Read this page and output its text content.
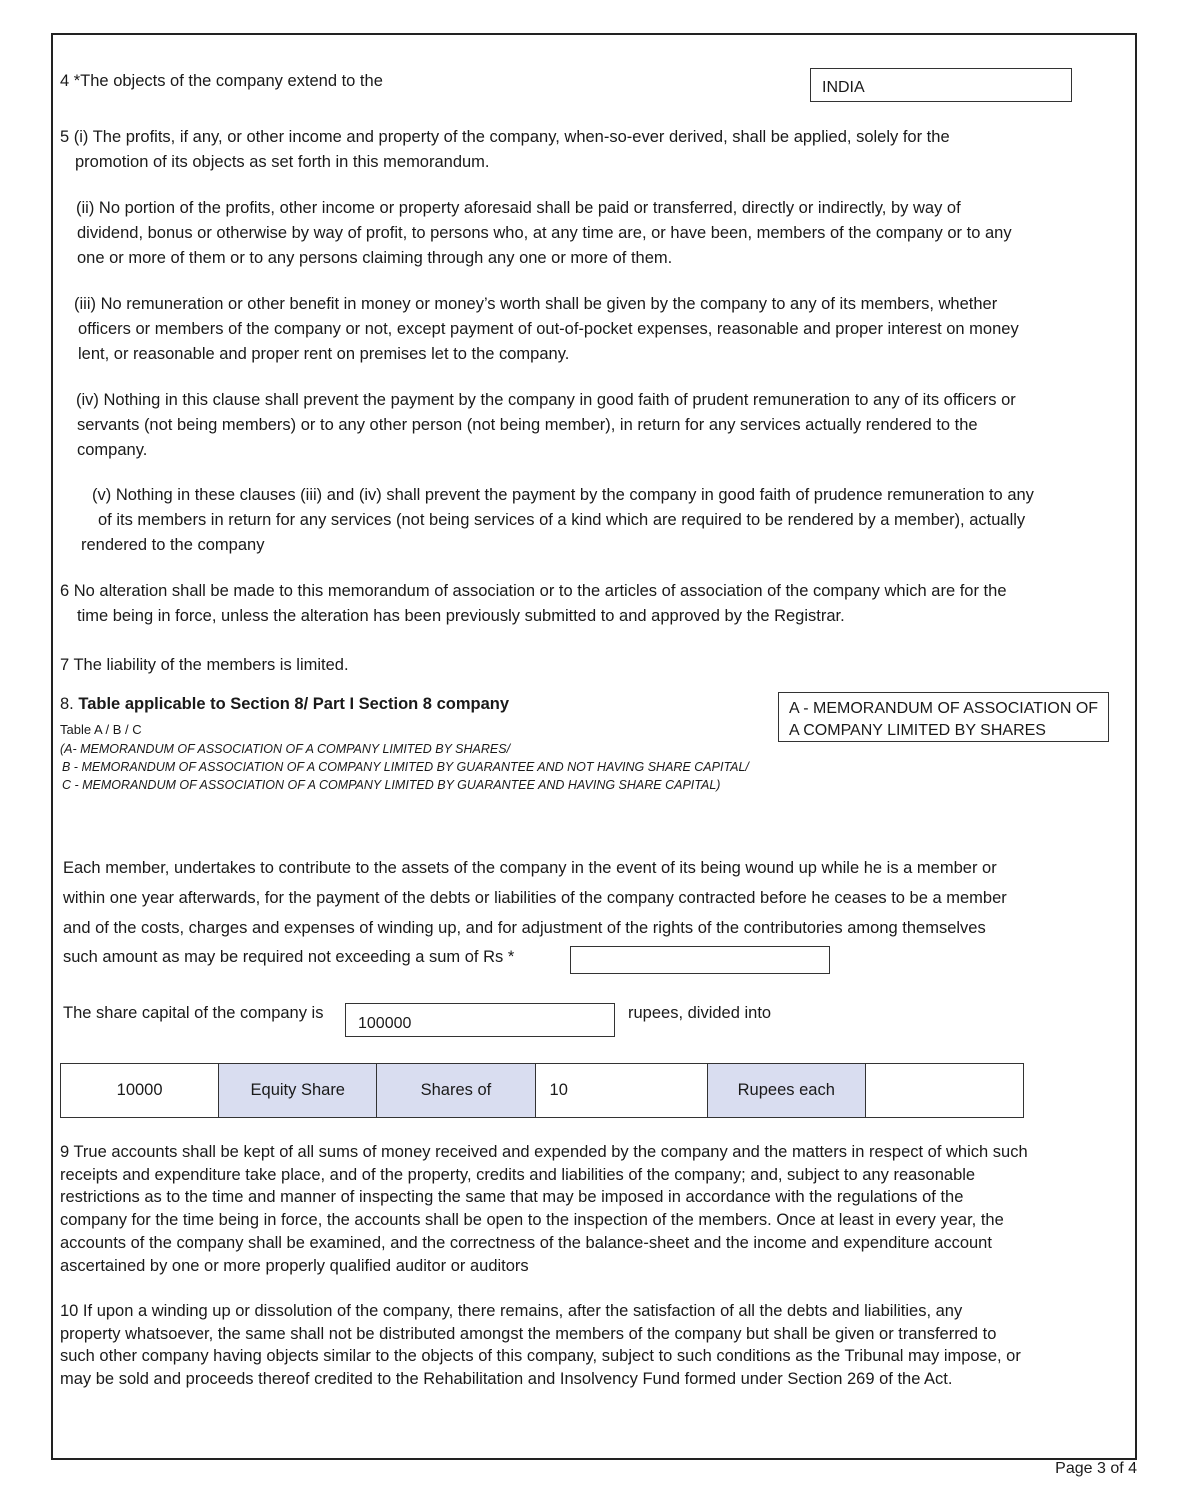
4 *The objects of the company extend to the	INDIA
5 (i) The profits, if any, or other income and property of the company, when-so-ever derived, shall be applied, solely for the
promotion of its objects as set forth in this memorandum.
(ii) No portion of the profits, other income or property aforesaid shall be paid or transferred, directly or indirectly, by way of
dividend, bonus or otherwise by way of profit, to persons who, at any time are, or have been, members of the company or to any
one or more of them or to any persons claiming through any one or more of them.
(iii) No remuneration or other benefit in money or money’s worth shall be given by the company to any of its members, whether
officers or members of the company or not, except payment of out-of-pocket expenses, reasonable and proper interest on money
lent, or reasonable and proper rent on premises let to the company.
(iv) Nothing in this clause shall prevent the payment by the company in good faith of prudent remuneration to any of its officers or
servants (not being members) or to any other person (not being member), in return for any services actually rendered to the
company.
(v) Nothing in these clauses (iii) and (iv) shall prevent the payment by the company in good faith of prudence remuneration to any
of its members in return for any services (not being services of a kind which are required to be rendered by a member), actually
rendered to the company
6 No alteration shall be made to this memorandum of association or to the articles of association of the company which are for the
time being in force, unless the alteration has been previously submitted to and approved by the Registrar.
7 The liability of the members is limited.
8. Table applicable to Section 8/ Part I Section 8 company
Table A / B / C
(A- MEMORANDUM OF ASSOCIATION OF A COMPANY LIMITED BY SHARES/
B - MEMORANDUM OF ASSOCIATION OF A COMPANY LIMITED BY GUARANTEE AND NOT HAVING SHARE CAPITAL/
C - MEMORANDUM OF ASSOCIATION OF A COMPANY LIMITED BY GUARANTEE AND HAVING SHARE CAPITAL)
A - MEMORANDUM OF ASSOCIATION OF
A COMPANY LIMITED BY SHARES
Each member, undertakes to contribute to the assets of the company in the event of its being wound up while he is a member or
within one year afterwards, for the payment of the debts or liabilities of the company contracted before he ceases to be a member
and of the costs, charges and expenses of winding up, and for adjustment of the rights of the contributories among themselves
such amount as may be required not exceeding a sum of Rs *
The share capital of the company is
100000
rupees, divided into
10000	Equity Share	Shares of	10	Rupees each
9 True accounts shall be kept of all sums of money received and expended by the company and the matters in respect of which such
receipts and expenditure take place, and of the property, credits and liabilities of the company; and, subject to any reasonable
restrictions as to the time and manner of inspecting the same that may be imposed in accordance with the regulations of the
company for the time being in force, the accounts shall be open to the inspection of the members. Once at least in every year, the
accounts of the company shall be examined, and the correctness of the balance-sheet and the income and expenditure account
ascertained by one or more properly qualified auditor or auditors
10 If upon a winding up or dissolution of the company, there remains, after the satisfaction of all the debts and liabilities, any
property whatsoever, the same shall not be distributed amongst the members of the company but shall be given or transferred to
such other company having objects similar to the objects of this company, subject to such conditions as the Tribunal may impose, or
may be sold and proceeds thereof credited to the Rehabilitation and Insolvency Fund formed under Section 269 of the Act.
Page 3 of 4
